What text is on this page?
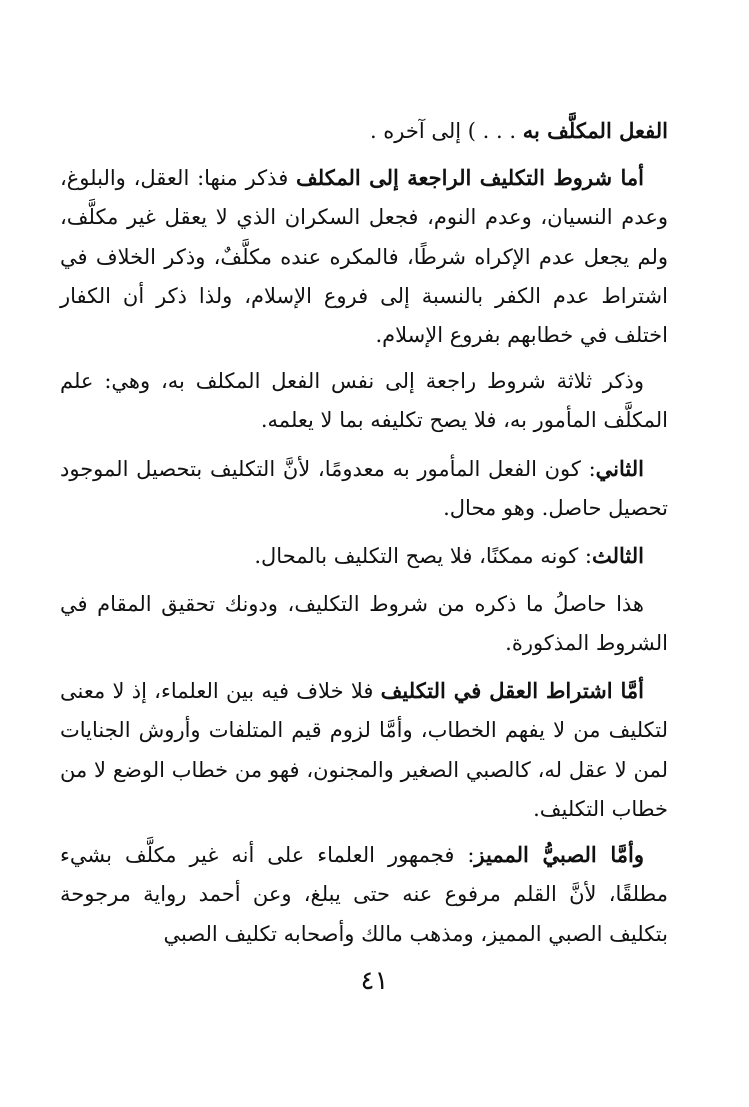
الفعل المكلَّف به . . . ) إلى آخره .

أما شروط التكليف الراجعة إلى المكلف فذكر منها: العقل، والبلوغ، وعدم النسيان، وعدم النوم، فجعل السكران الذي لا يعقل غير مكلَّف، ولم يجعل عدم الإكراه شرطًا، فالمكره عنده مكلَّفٌ، وذكر الخلاف في اشتراط عدم الكفر بالنسبة إلى فروع الإسلام، ولذا ذكر أن الكفار اختلف في خطابهم بفروع الإسلام.

وذكر ثلاثة شروط راجعة إلى نفس الفعل المكلف به، وهي: علم المكلَّف المأمور به، فلا يصح تكليفه بما لا يعلمه.

الثاني: كون الفعل المأمور به معدومًا، لأنَّ التكليف بتحصيل الموجود تحصيل حاصل. وهو محال.

الثالث: كونه ممكنًا، فلا يصح التكليف بالمحال.

هذا حاصلُ ما ذكره من شروط التكليف، ودونك تحقيق المقام في الشروط المذكورة.

أمَّا اشتراط العقل في التكليف فلا خلاف فيه بين العلماء، إذ لا معنى لتكليف من لا يفهم الخطاب، وأمَّا لزوم قيم المتلفات وأروش الجنايات لمن لا عقل له، كالصبي الصغير والمجنون، فهو من خطاب الوضع لا من خطاب التكليف.

وأمَّا الصبيُّ المميز: فجمهور العلماء على أنه غير مكلَّف بشيء مطلقًا، لأنَّ القلم مرفوع عنه حتى يبلغ، وعن أحمد رواية مرجوحة بتكليف الصبي المميز، ومذهب مالك وأصحابه تكليف الصبي

٤١
